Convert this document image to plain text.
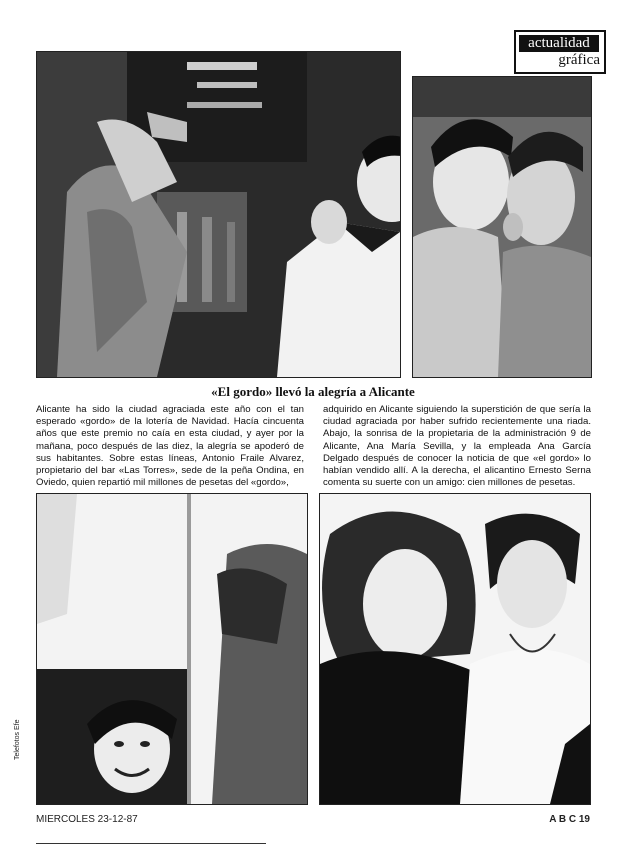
actualidad
gráfica
«El gordo» llevó la alegría a Alicante
Alicante ha sido la ciudad agraciada este año con el tan esperado «gordo» de la lotería de Navidad. Hacía cincuenta años que este premio no caía en esta ciudad, y ayer por la mañana, poco después de las diez, la alegría se apoderó de sus habitantes. Sobre estas líneas, Antonio Fraile Alvarez, propietario del bar «Las Torres», sede de la peña Ondina, en Oviedo, quien repartió mil millones de pesetas del «gordo»,
adquirido en Alicante siguiendo la superstición de que sería la ciudad agraciada por haber sufrido recientemente una riada. Abajo, la sonrisa de la propietaria de la administración 9 de Alicante, Ana María Sevilla, y la empleada Ana García Delgado después de conocer la noticia de que «el gordo» lo habían vendido allí. A la derecha, el alicantino Ernesto Serna comenta su suerte con un amigo: cien millones de pesetas.
Telefotos Efe
MIERCOLES 23-12-87	A B C 19
